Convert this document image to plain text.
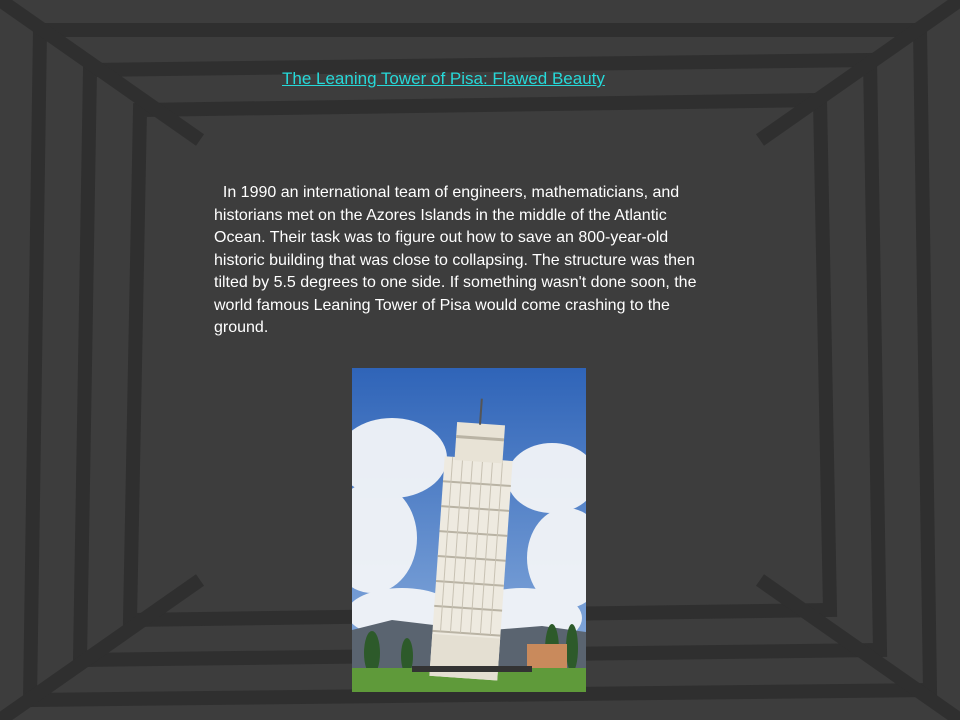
The Leaning Tower of Pisa: Flawed Beauty

In 1990 an international team of engineers, mathematicians, and historians met on the Azores Islands in the middle of the Atlantic Ocean. Their task was to figure out how to save an 800-year-old historic building that was close to collapsing. The structure was then tilted by 5.5 degrees to one side. If something wasn't done soon, the world famous Leaning Tower of Pisa would come crashing to the ground.
